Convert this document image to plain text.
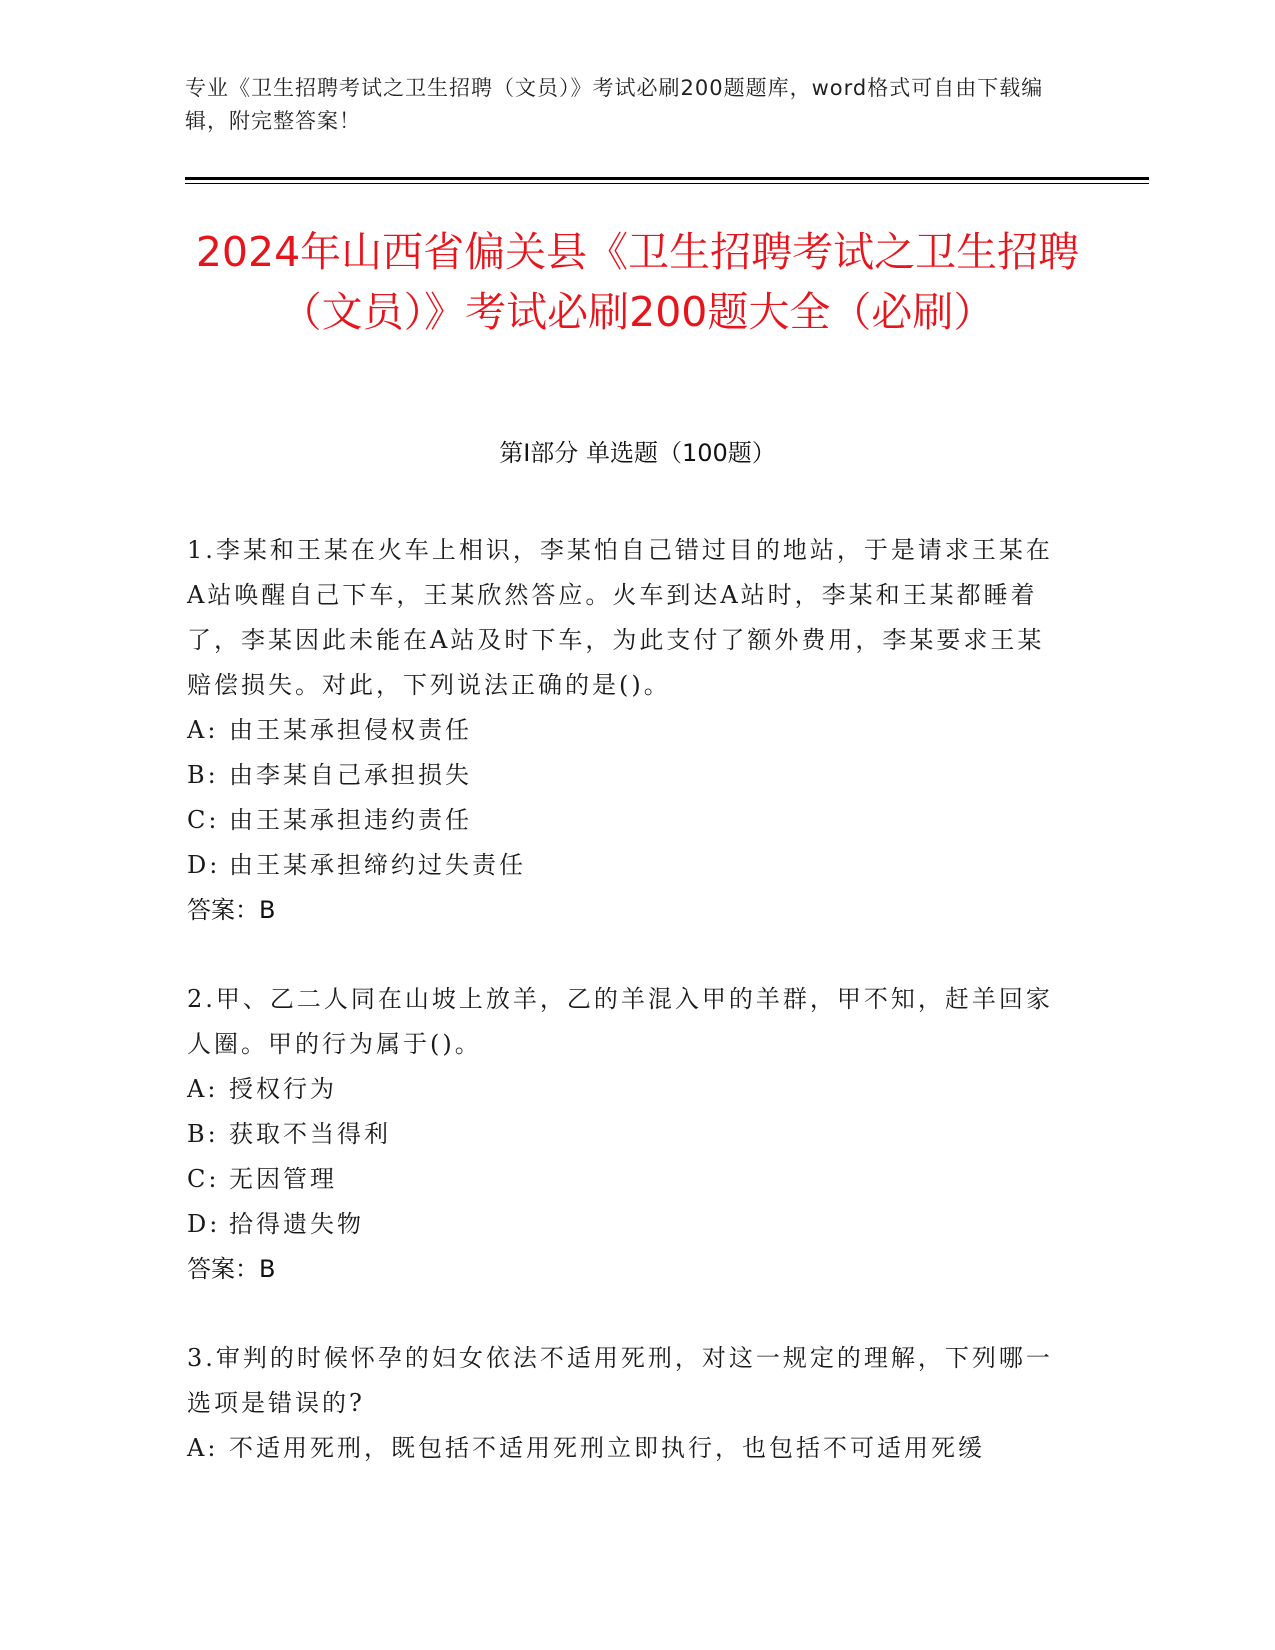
专业《卫生招聘考试之卫生招聘（文员）》考试必刷200题题库，word格式可自由下载编辑，附完整答案！
2024年山西省偏关县《卫生招聘考试之卫生招聘（文员）》考试必刷200题大全（必刷）
第Ⅰ部分 单选题（100题）

1.李某和王某在火车上相识，李某怕自己错过目的地站，于是请求王某在A站唤醒自己下车，王某欣然答应。火车到达A站时，李某和王某都睡着了，李某因此未能在A站及时下车，为此支付了额外费用，李某要求王某赔偿损失。对此，下列说法正确的是()。

A: 由王某承担侵权责任
B: 由李某自己承担损失
C: 由王某承担违约责任
D: 由王某承担缔约过失责任
答案：B

2.甲、乙二人同在山坡上放羊，乙的羊混入甲的羊群，甲不知，赶羊回家人圈。甲的行为属于()。

A: 授权行为
B: 获取不当得利
C: 无因管理
D: 拾得遗失物
答案：B

3.审判的时候怀孕的妇女依法不适用死刑，对这一规定的理解，下列哪一选项是错误的?

A: 不适用死刑，既包括不适用死刑立即执行，也包括不可适用死缓
